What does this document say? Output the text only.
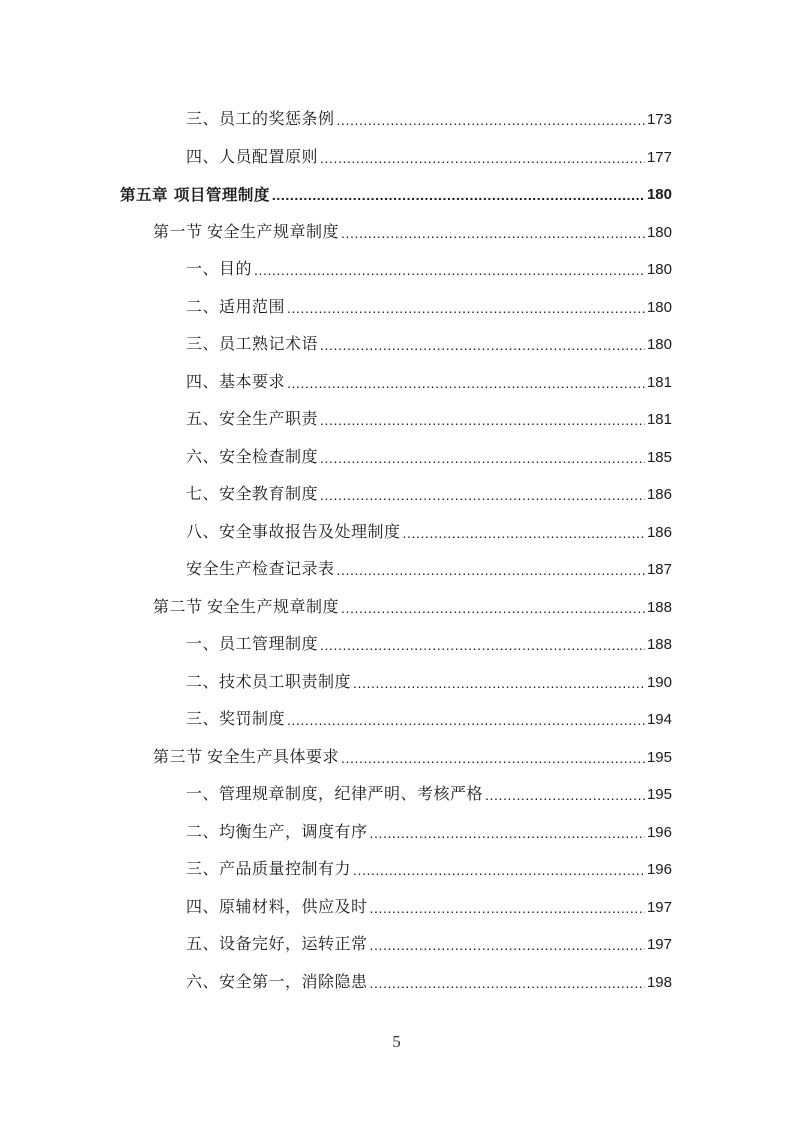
三、员工的奖惩条例 .....	173
四、人员配置原则 .....	177
第五章 项目管理制度 .....	180
第一节 安全生产规章制度 .....	180
一、目的 .....	180
二、适用范围 .....	180
三、员工熟记术语 .....	180
四、基本要求 .....	181
五、安全生产职责 .....	181
六、安全检查制度 .....	185
七、安全教育制度 .....	186
八、安全事故报告及处理制度 .....	186
安全生产检查记录表 .....	187
第二节 安全生产规章制度 .....	188
一、员工管理制度 .....	188
二、技术员工职责制度 .....	190
三、奖罚制度 .....	194
第三节 安全生产具体要求 .....	195
一、管理规章制度，纪律严明、考核严格 .....	195
二、均衡生产，调度有序 .....	196
三、产品质量控制有力 .....	196
四、原辅材料，供应及时 .....	197
五、设备完好，运转正常 .....	197
六、安全第一，消除隐患 .....	198
5
